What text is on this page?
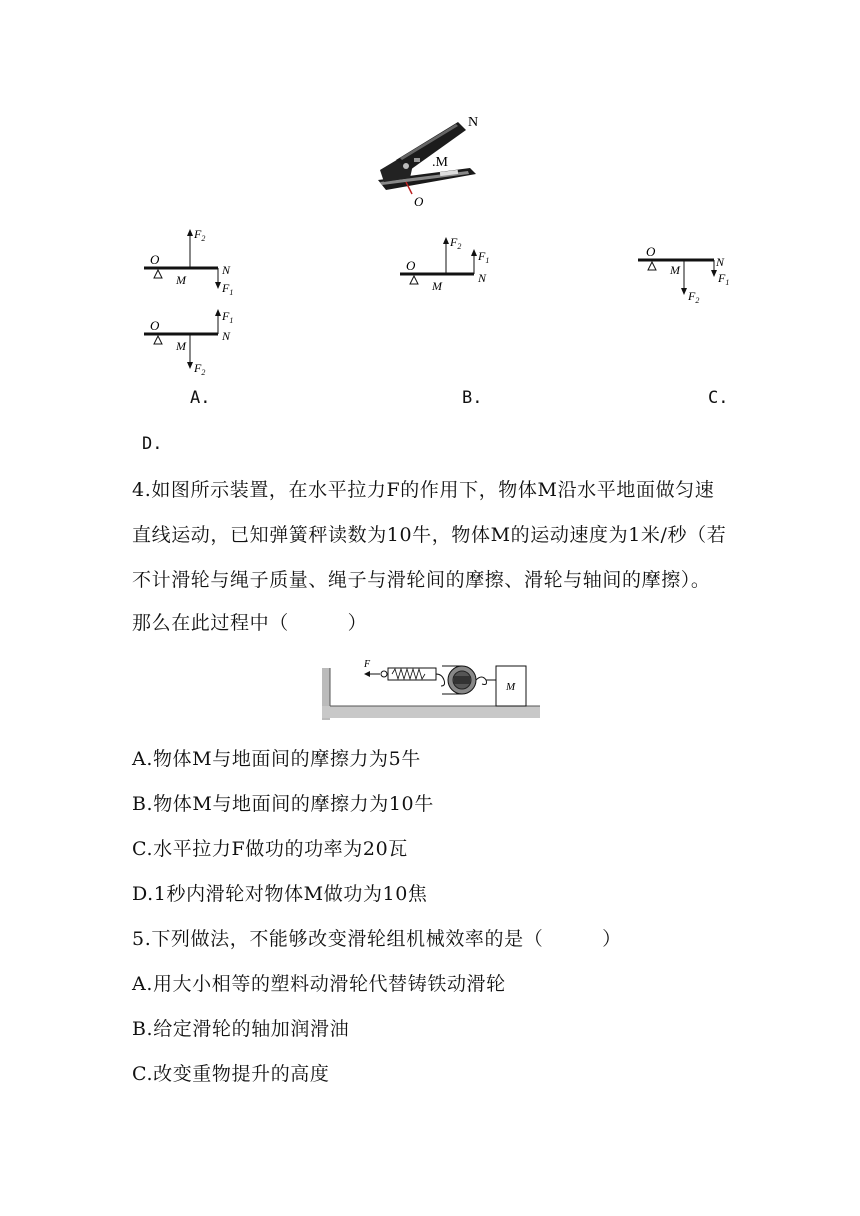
N
.M
O
O
M
N
$F_2$
$F_1$
O
M
N
$F_2$
$F_1$
O
M
N
$F_2$
$F_1$
O
M
N
$F_2$
$F_1$
A.	B.	C.
D.
4.如图所示装置，在水平拉力F的作用下，物体M沿水平地面做匀速
直线运动，已知弹簧秤读数为10牛，物体M的运动速度为1米/秒（若
不计滑轮与绳子质量、绳子与滑轮间的摩擦、滑轮与轴间的摩擦）。
那么在此过程中（　　　）
F
M
A.物体M与地面间的摩擦力为5牛
B.物体M与地面间的摩擦力为10牛
C.水平拉力F做功的功率为20瓦
D.1秒内滑轮对物体M做功为10焦
5.下列做法，不能够改变滑轮组机械效率的是（　　　）
A.用大小相等的塑料动滑轮代替铸铁动滑轮
B.给定滑轮的轴加润滑油
C.改变重物提升的高度
